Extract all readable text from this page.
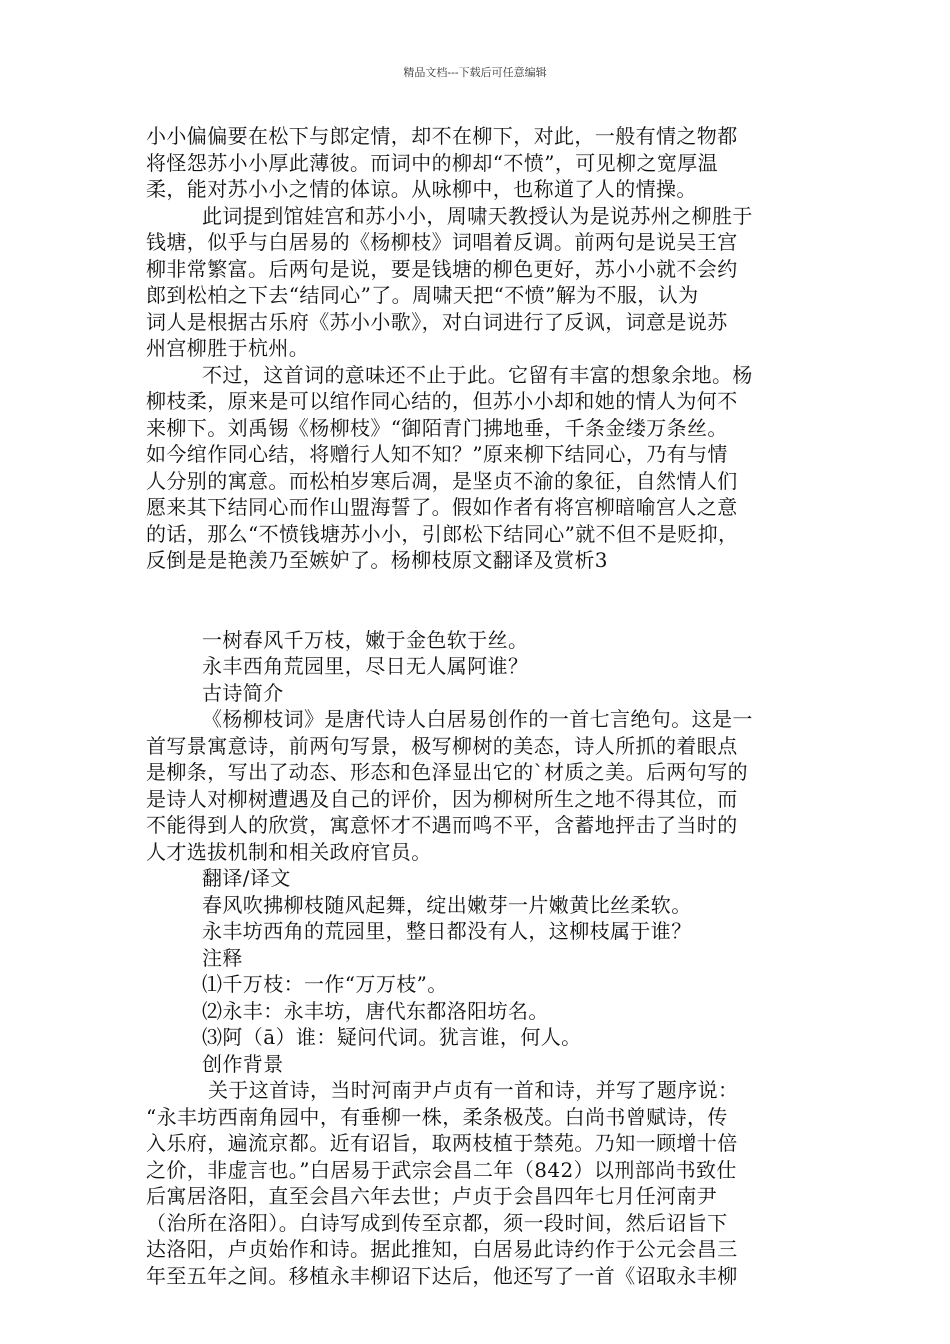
精品文档---下载后可任意编辑
小小偏偏要在松下与郎定情，却不在柳下，对此，一般有情之物都
将怪怨苏小小厚此薄彼。而词中的柳却“不愤”，可见柳之宽厚温
柔，能对苏小小之情的体谅。从咏柳中，也称道了人的情操。
此词提到馆娃宫和苏小小，周啸天教授认为是说苏州之柳胜于
钱塘，似乎与白居易的《杨柳枝》词唱着反调。前两句是说吴王宫
柳非常繁富。后两句是说，要是钱塘的柳色更好，苏小小就不会约
郎到松柏之下去“结同心”了。周啸天把“不愤”解为不服，认为
词人是根据古乐府《苏小小歌》，对白词进行了反讽，词意是说苏
州宫柳胜于杭州。
不过，这首词的意味还不止于此。它留有丰富的想象余地。杨
柳枝柔，原来是可以绾作同心结的，但苏小小却和她的情人为何不
来柳下。刘禹锡《杨柳枝》“御陌青门拂地垂，千条金缕万条丝。
如今绾作同心结，将赠行人知不知？”原来柳下结同心，乃有与情
人分别的寓意。而松柏岁寒后凋，是坚贞不渝的象征，自然情人们
愿来其下结同心而作山盟海誓了。假如作者有将宫柳暗喻宫人之意
的话，那么“不愤钱塘苏小小，引郎松下结同心”就不但不是贬抑，
反倒是是艳羡乃至嫉妒了。杨柳枝原文翻译及赏析3

一树春风千万枝，嫩于金色软于丝。

永丰西角荒园里，尽日无人属阿谁？

古诗简介

《杨柳枝词》是唐代诗人白居易创作的一首七言绝句。这是一
首写景寓意诗，前两句写景，极写柳树的美态，诗人所抓的着眼点
是柳条，写出了动态、形态和色泽显出它的`材质之美。后两句写的
是诗人对柳树遭遇及自己的评价，因为柳树所生之地不得其位，而
不能得到人的欣赏，寓意怀才不遇而鸣不平，含蓄地抨击了当时的
人才选拔机制和相关政府官员。

翻译/译文

春风吹拂柳枝随风起舞，绽出嫩芽一片嫩黄比丝柔软。

永丰坊西角的荒园里，整日都没有人，这柳枝属于谁？

注释

⑴千万枝：一作“万万枝”。

⑵永丰：永丰坊，唐代东都洛阳坊名。

⑶阿（ā）谁：疑问代词。犹言谁，何人。

创作背景

关于这首诗，当时河南尹卢贞有一首和诗，并写了题序说：
“永丰坊西南角园中，有垂柳一株，柔条极茂。白尚书曾赋诗，传
入乐府，遍流京都。近有诏旨，取两枝植于禁苑。乃知一顾增十倍
之价，非虚言也。”白居易于武宗会昌二年（842）以刑部尚书致仕
后寓居洛阳，直至会昌六年去世；卢贞于会昌四年七月任河南尹
（治所在洛阳）。白诗写成到传至京都，须一段时间，然后诏旨下
达洛阳，卢贞始作和诗。据此推知，白居易此诗约作于公元会昌三
年至五年之间。移植永丰柳诏下达后，他还写了一首《诏取永丰柳
